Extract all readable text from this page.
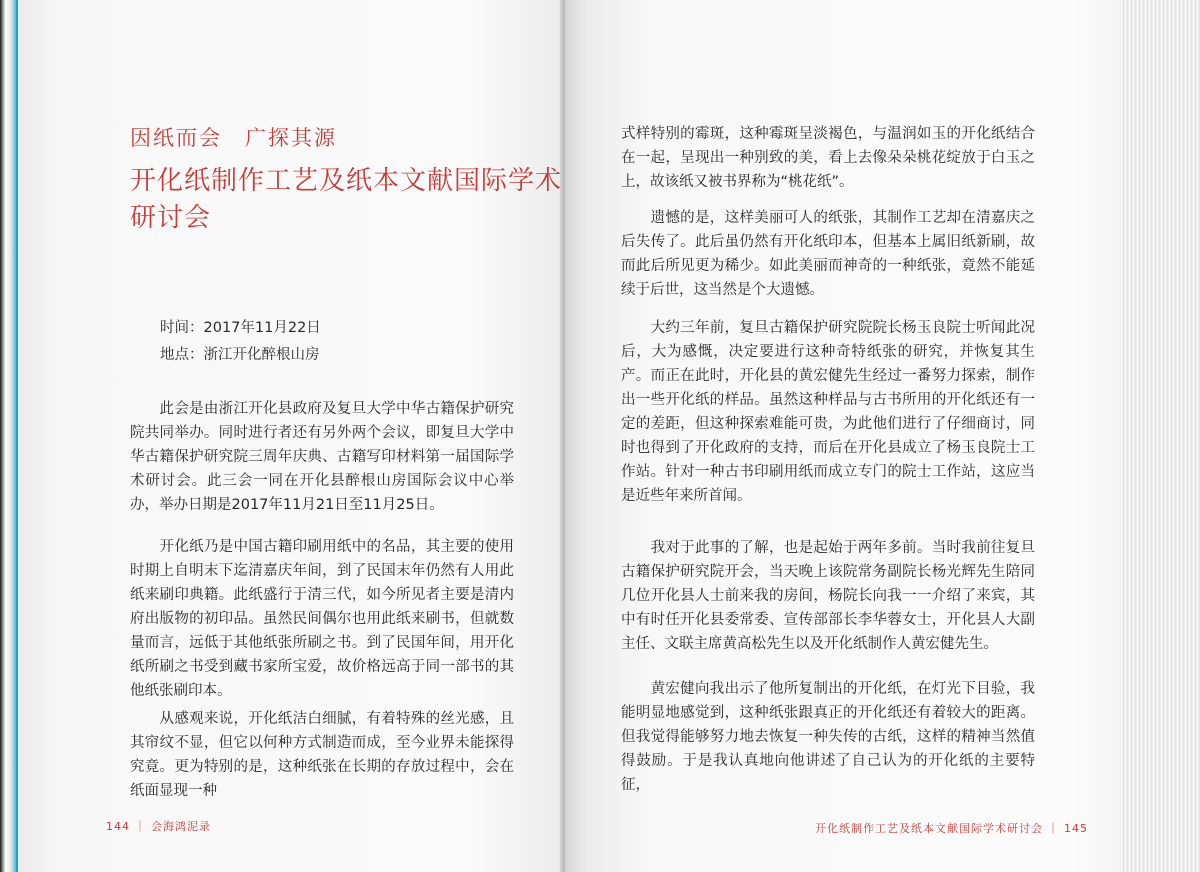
因纸而会　广探其源
开化纸制作工艺及纸本文献国际学术研讨会
时间：2017年11月22日
地点：浙江开化醉根山房

　　此会是由浙江开化县政府及复旦大学中华古籍保护研究院共同举办。同时进行者还有另外两个会议，即复旦大学中华古籍保护研究院三周年庆典、古籍写印材料第一届国际学术研讨会。此三会一同在开化县醉根山房国际会议中心举办，举办日期是2017年11月21日至11月25日。

　　开化纸乃是中国古籍印刷用纸中的名品，其主要的使用时期上自明末下迄清嘉庆年间，到了民国末年仍然有人用此纸来刷印典籍。此纸盛行于清三代，如今所见者主要是清内府出版物的初印品。虽然民间偶尔也用此纸来刷书，但就数量而言，远低于其他纸张所刷之书。到了民国年间，用开化纸所刷之书受到藏书家所宝爱，故价格远高于同一部书的其他纸张刷印本。

　　从感观来说，开化纸洁白细腻，有着特殊的丝光感，且其帘纹不显，但它以何种方式制造而成，至今业界未能探得究竟。更为特别的是，这种纸张在长期的存放过程中，会在纸面显现一种

144 ｜ 会海鸿泥录

式样特别的霉斑，这种霉斑呈淡褐色，与温润如玉的开化纸结合在一起，呈现出一种别致的美，看上去像朵朵桃花绽放于白玉之上，故该纸又被书界称为“桃花纸”。

　　遗憾的是，这样美丽可人的纸张，其制作工艺却在清嘉庆之后失传了。此后虽仍然有开化纸印本，但基本上属旧纸新刷，故而此后所见更为稀少。如此美丽而神奇的一种纸张，竟然不能延续于后世，这当然是个大遗憾。

　　大约三年前，复旦古籍保护研究院院长杨玉良院士听闻此况后，大为感慨，决定要进行这种奇特纸张的研究，并恢复其生产。而正在此时，开化县的黄宏健先生经过一番努力探索，制作出一些开化纸的样品。虽然这种样品与古书所用的开化纸还有一定的差距，但这种探索难能可贵，为此他们进行了仔细商讨，同时也得到了开化政府的支持，而后在开化县成立了杨玉良院士工作站。针对一种古书印刷用纸而成立专门的院士工作站，这应当是近些年来所首闻。

　　我对于此事的了解，也是起始于两年多前。当时我前往复旦古籍保护研究院开会，当天晚上该院常务副院长杨光辉先生陪同几位开化县人士前来我的房间，杨院长向我一一介绍了来宾，其中有时任开化县委常委、宣传部部长李华蓉女士，开化县人大副主任、文联主席黄高松先生以及开化纸制作人黄宏健先生。

　　黄宏健向我出示了他所复制出的开化纸，在灯光下目验，我能明显地感觉到，这种纸张跟真正的开化纸还有着较大的距离。但我觉得能够努力地去恢复一种失传的古纸，这样的精神当然值得鼓励。于是我认真地向他讲述了自己认为的开化纸的主要特征，

开化纸制作工艺及纸本文献国际学术研讨会 ｜ 145
